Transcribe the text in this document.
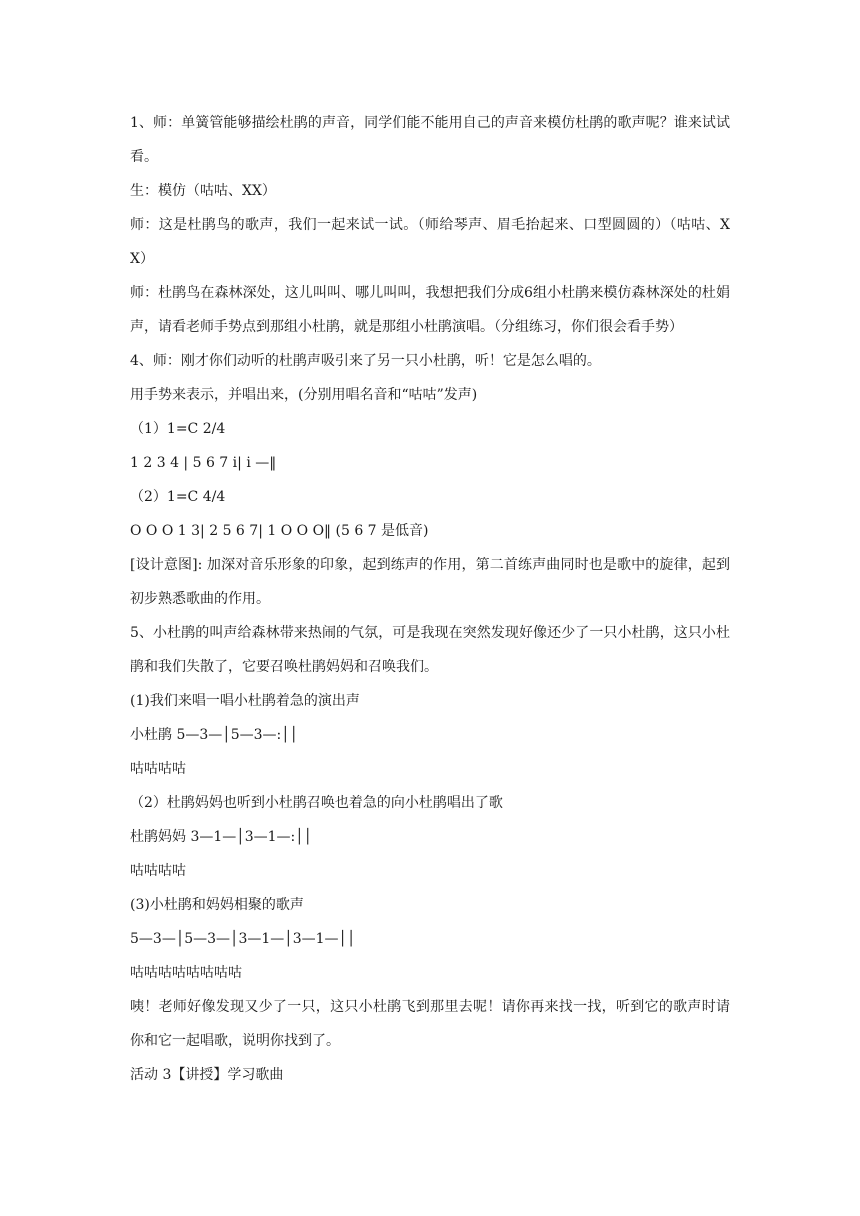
1、师：单簧管能够描绘杜鹃的声音，同学们能不能用自己的声音来模仿杜鹃的歌声呢？谁来试试看。

生：模仿（咕咕、XX）

师：这是杜鹃鸟的歌声，我们一起来试一试。（师给琴声、眉毛抬起来、口型圆圆的）（咕咕、XX）

师：杜鹃鸟在森林深处，这儿叫叫、哪儿叫叫，我想把我们分成6组小杜鹃来模仿森林深处的杜娟声，请看老师手势点到那组小杜鹃，就是那组小杜鹃演唱。（分组练习，你们很会看手势）

4、师：刚才你们动听的杜鹃声吸引来了另一只小杜鹃，听！它是怎么唱的。

用手势来表示，并唱出来，(分别用唱名音和“咕咕”发声)

（1）1=C 2/4

1 2 3 4 | 5 6 7 i| i —‖

（2）1=C 4/4

O O O 1 3| 2 5 6 7| 1 O O O‖ (5 6 7 是低音)

[设计意图]: 加深对音乐形象的印象，起到练声的作用，第二首练声曲同时也是歌中的旋律，起到初步熟悉歌曲的作用。

5、小杜鹃的叫声给森林带来热闹的气氛，可是我现在突然发现好像还少了一只小杜鹃，这只小杜鹃和我们失散了，它要召唤杜鹃妈妈和召唤我们。

(1)我们来唱一唱小杜鹃着急的演出声

小杜鹃 5—3—│5—3—:││

咕咕咕咕

（2）杜鹃妈妈也听到小杜鹃召唤也着急的向小杜鹃唱出了歌

杜鹃妈妈 3—1—│3—1—:││

咕咕咕咕

(3)小杜鹃和妈妈相聚的歌声

5—3—│5—3—│3—1—│3—1—││

咕咕咕咕咕咕咕咕

咦！老师好像发现又少了一只，这只小杜鹃飞到那里去呢！请你再来找一找，听到它的歌声时请你和它一起唱歌，说明你找到了。

活动 3【讲授】学习歌曲
